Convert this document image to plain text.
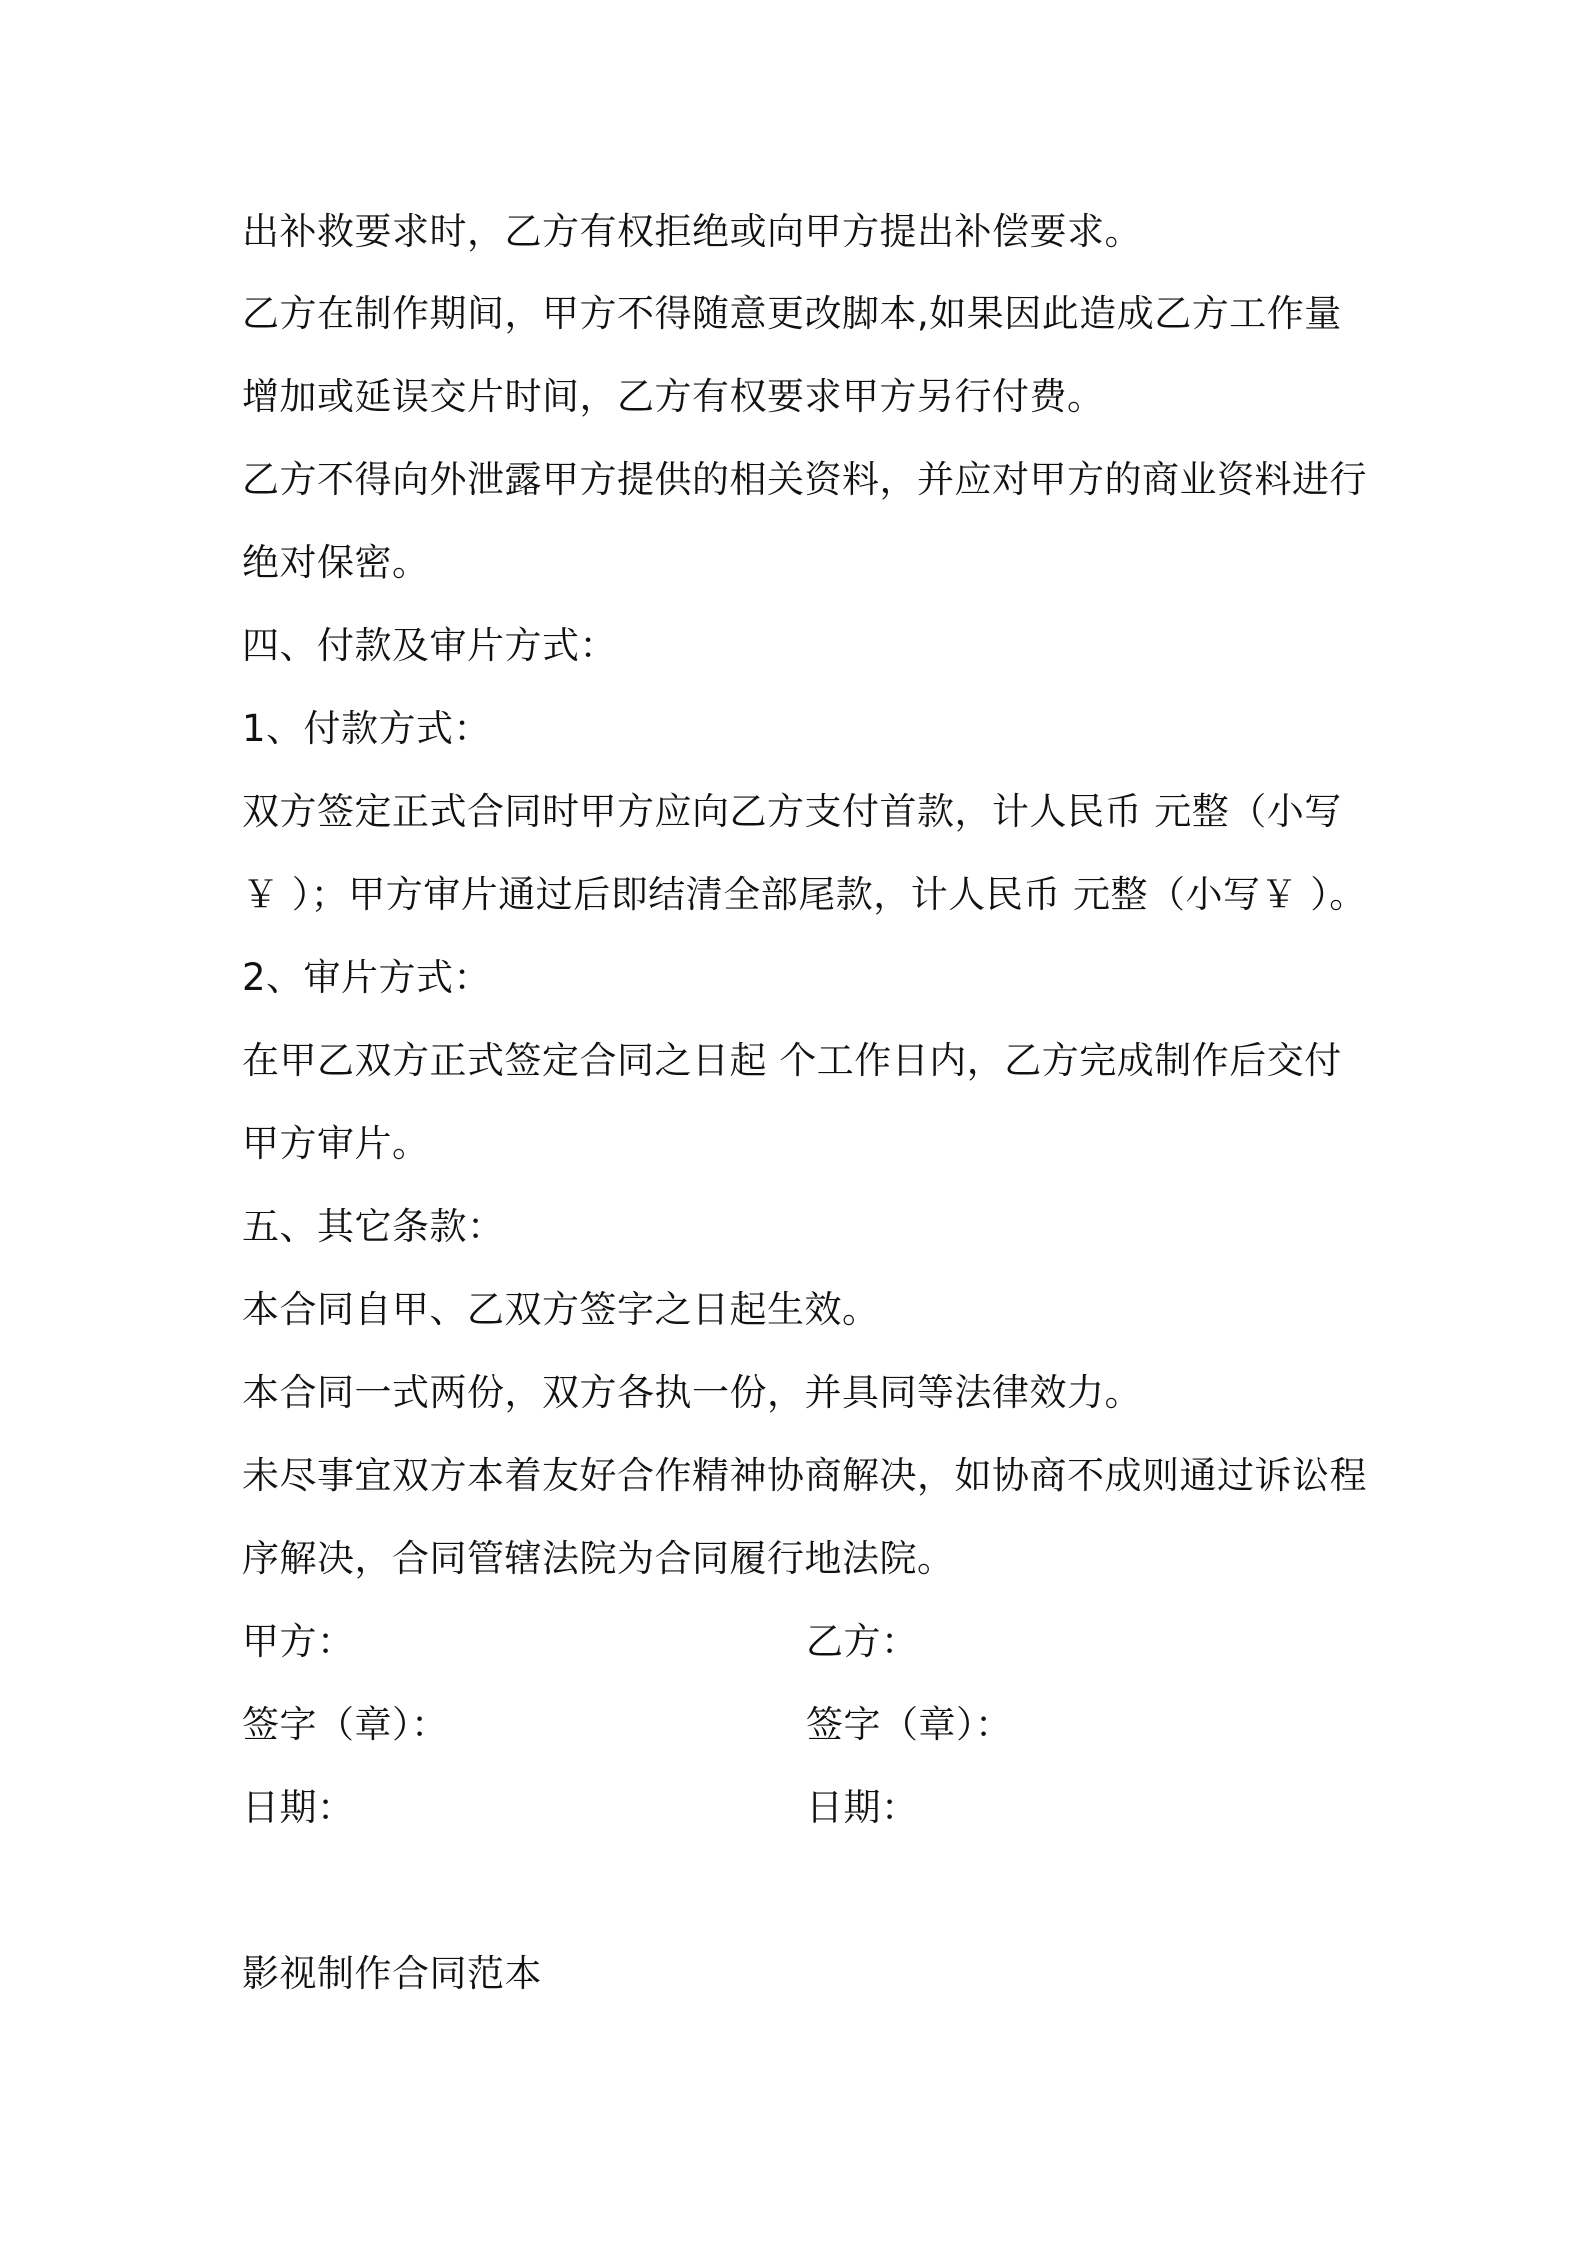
出补救要求时，乙方有权拒绝或向甲方提出补偿要求。
乙方在制作期间，甲方不得随意更改脚本,如果因此造成乙方工作量
增加或延误交片时间，乙方有权要求甲方另行付费。
乙方不得向外泄露甲方提供的相关资料，并应对甲方的商业资料进行
绝对保密。
四、付款及审片方式：
1、付款方式：
双方签定正式合同时甲方应向乙方支付首款，计人民币 元整（小写
￥ ）；甲方审片通过后即结清全部尾款，计人民币 元整（小写￥ ）。
2、审片方式：
在甲乙双方正式签定合同之日起 个工作日内，乙方完成制作后交付
甲方审片。
五、其它条款：
本合同自甲、乙双方签字之日起生效。
本合同一式两份，双方各执一份，并具同等法律效力。
未尽事宜双方本着友好合作精神协商解决，如协商不成则通过诉讼程
序解决，合同管辖法院为合同履行地法院。
甲方：	乙方：
签字（章）：	签字（章）：
日期：	日期：
影视制作合同范本
